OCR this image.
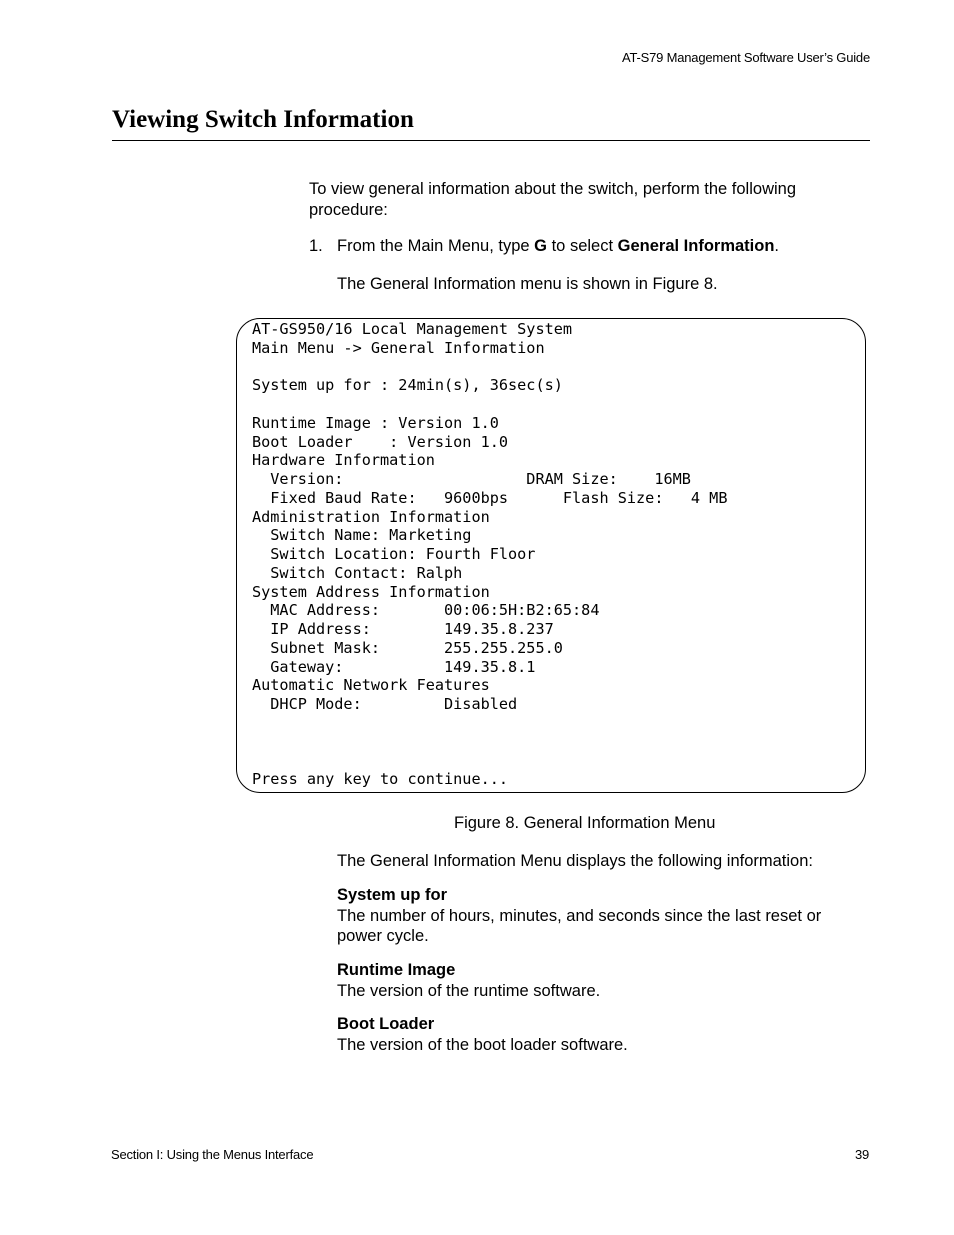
AT-S79 Management Software User’s Guide
Viewing Switch Information
To view general information about the switch, perform the following procedure:
1. From the Main Menu, type G to select General Information.
The General Information menu is shown in Figure 8.
AT-GS950/16 Local Management System
Main Menu -> General Information

System up for : 24min(s), 36sec(s)

Runtime Image : Version 1.0
Boot Loader    : Version 1.0
Hardware Information
Version:                    DRAM Size:    16MB
Fixed Baud Rate:   9600bps      Flash Size:   4 MB
Administration Information
Switch Name: Marketing
Switch Location: Fourth Floor
Switch Contact: Ralph
System Address Information
MAC Address:       00:06:5H:B2:65:84
IP Address:        149.35.8.237
Subnet Mask:       255.255.255.0
Gateway:           149.35.8.1
Automatic Network Features
DHCP Mode:         Disabled

Press any key to continue...
Figure 8. General Information Menu
The General Information Menu displays the following information:
System up for
The number of hours, minutes, and seconds since the last reset or power cycle.
Runtime Image
The version of the runtime software.
Boot Loader
The version of the boot loader software.
Section I: Using the Menus Interface	39
